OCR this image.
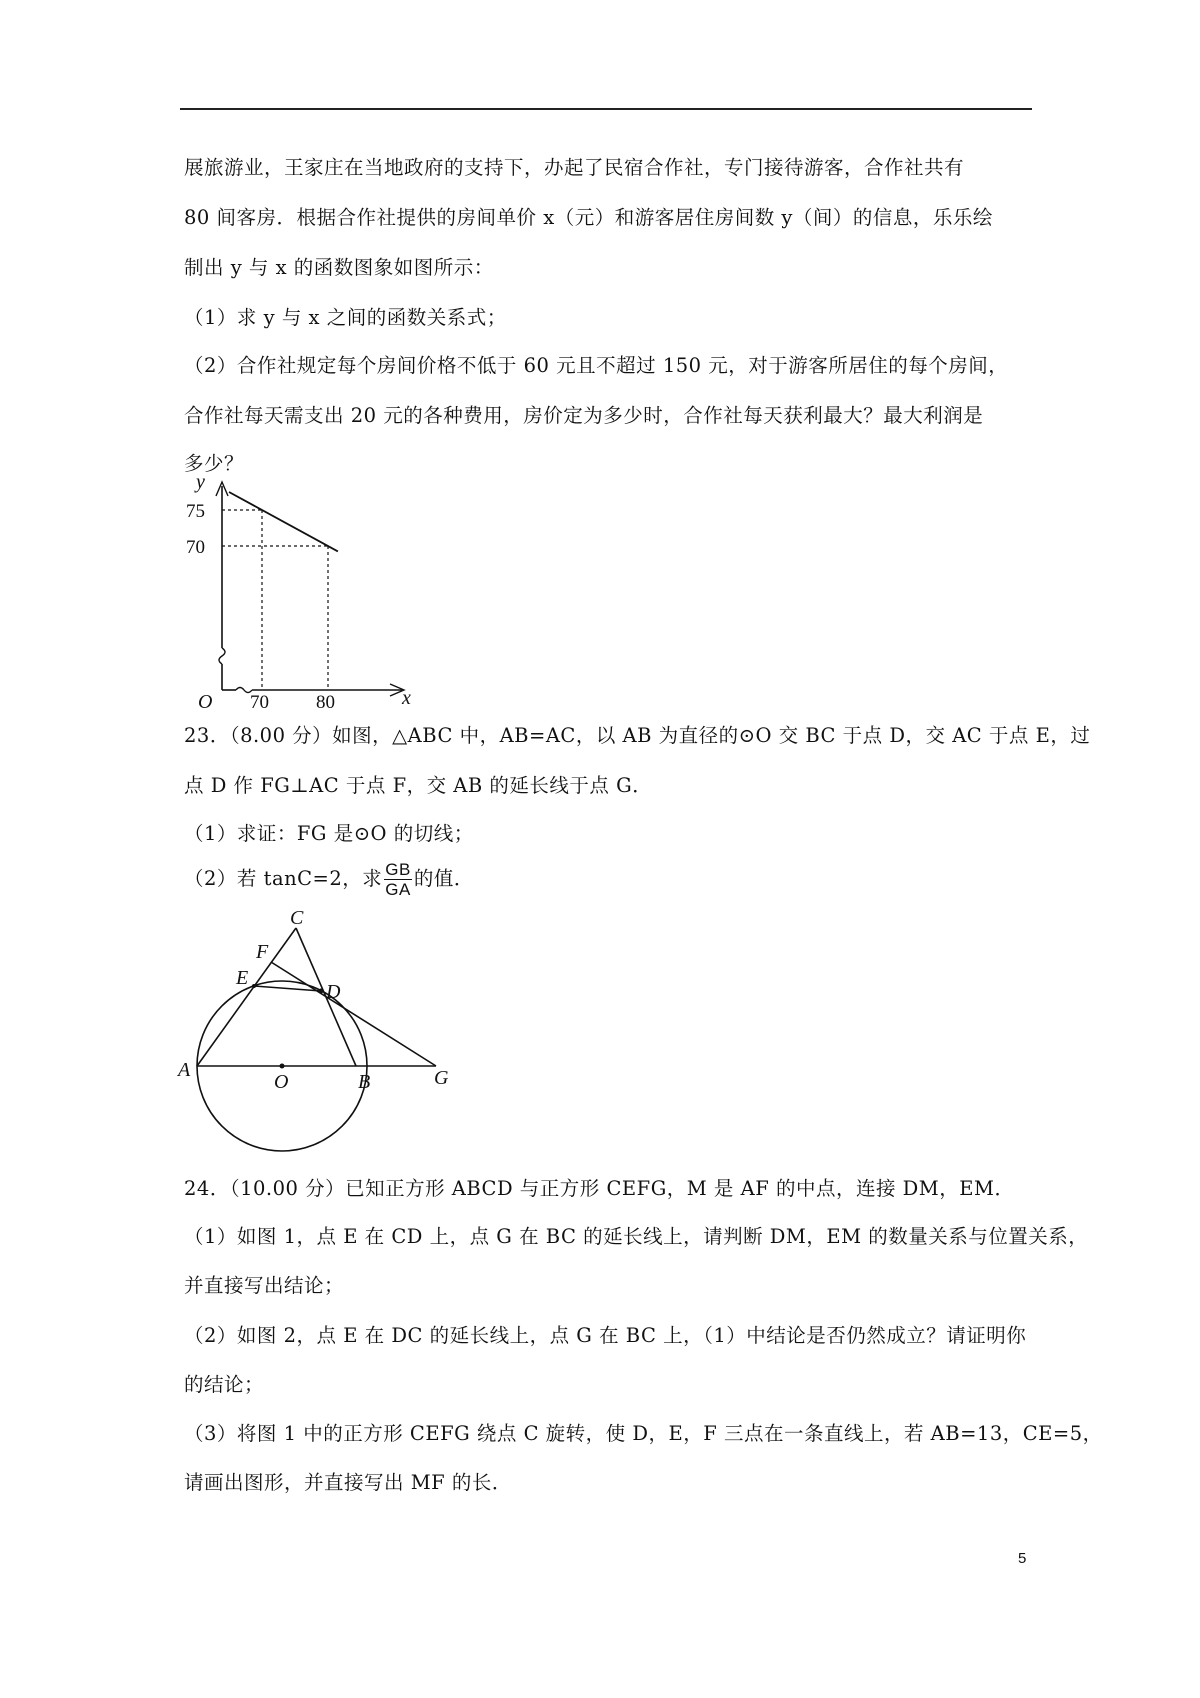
展旅游业，王家庄在当地政府的支持下，办起了民宿合作社，专门接待游客，合作社共有
80 间客房．根据合作社提供的房间单价 x（元）和游客居住房间数 y（间）的信息，乐乐绘
制出 y 与 x 的函数图象如图所示：
（1）求 y 与 x 之间的函数关系式；
（2）合作社规定每个房间价格不低于 60 元且不超过 150 元，对于游客所居住的每个房间，
合作社每天需支出 20 元的各种费用，房价定为多少时，合作社每天获利最大？最大利润是
多少？
75
70
70 80
y
x
O
23．（8.00 分）如图，△ABC 中，AB=AC，以 AB 为直径的⊙O 交 BC 于点 D，交 AC 于点 E，过
点 D 作 FG⊥AC 于点 F，交 AB 的延长线于点 G．
（1）求证：FG 是⊙O 的切线；
（2）若 tanC=2，求 $\frac{GB}{GA}$ 的值．
C
F
E
D
A
O	B	G
24．（10.00 分）已知正方形 ABCD 与正方形 CEFG，M 是 AF 的中点，连接 DM，EM．
（1）如图 1，点 E 在 CD 上，点 G 在 BC 的延长线上，请判断 DM，EM 的数量关系与位置关系，
并直接写出结论；
（2）如图 2，点 E 在 DC 的延长线上，点 G 在 BC 上，（1）中结论是否仍然成立？请证明你
的结论；
（3）将图 1 中的正方形 CEFG 绕点 C 旋转，使 D，E，F 三点在一条直线上，若 AB=13，CE=5，
请画出图形，并直接写出 MF 的长．
5
